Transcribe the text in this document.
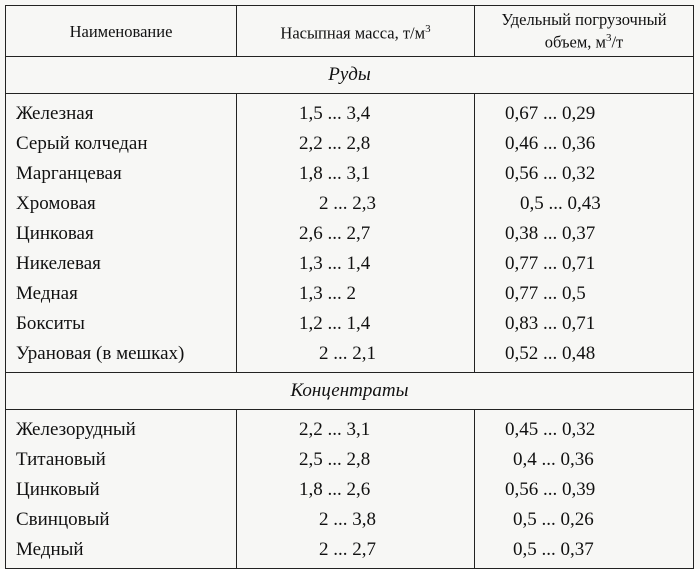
Наименование	Насыпная масса, $т/м^3$	Удельный погрузочный
объем, $м^3/т$
Руды		
Железная	1,5 ... 3,4	0,67 ... 0,29
Серый колчедан	2,2 ... 2,8	0,46 ... 0,36
Марганцевая	1,8 ... 3,1	0,56 ... 0,32
Хромовая	2 ... 2,3	0,5 ... 0,43
Цинковая	2,6 ... 2,7	0,38 ... 0,37
Никелевая	1,3 ... 1,4	0,77 ... 0,71
Медная	1,3 ... 2	0,77 ... 0,5
Бокситы	1,2 ... 1,4	0,83 ... 0,71
Урановая (в мешках)	2 ... 2,1	0,52 ... 0,48
Концентраты		
Железорудный	2,2 ... 3,1	0,45 ... 0,32
Титановый	2,5 ... 2,8	0,4 ... 0,36
Цинковый	1,8 ... 2,6	0,56 ... 0,39
Свинцовый	2 ... 3,8	0,5 ... 0,26
Медный	2 ... 2,7	0,5 ... 0,37
